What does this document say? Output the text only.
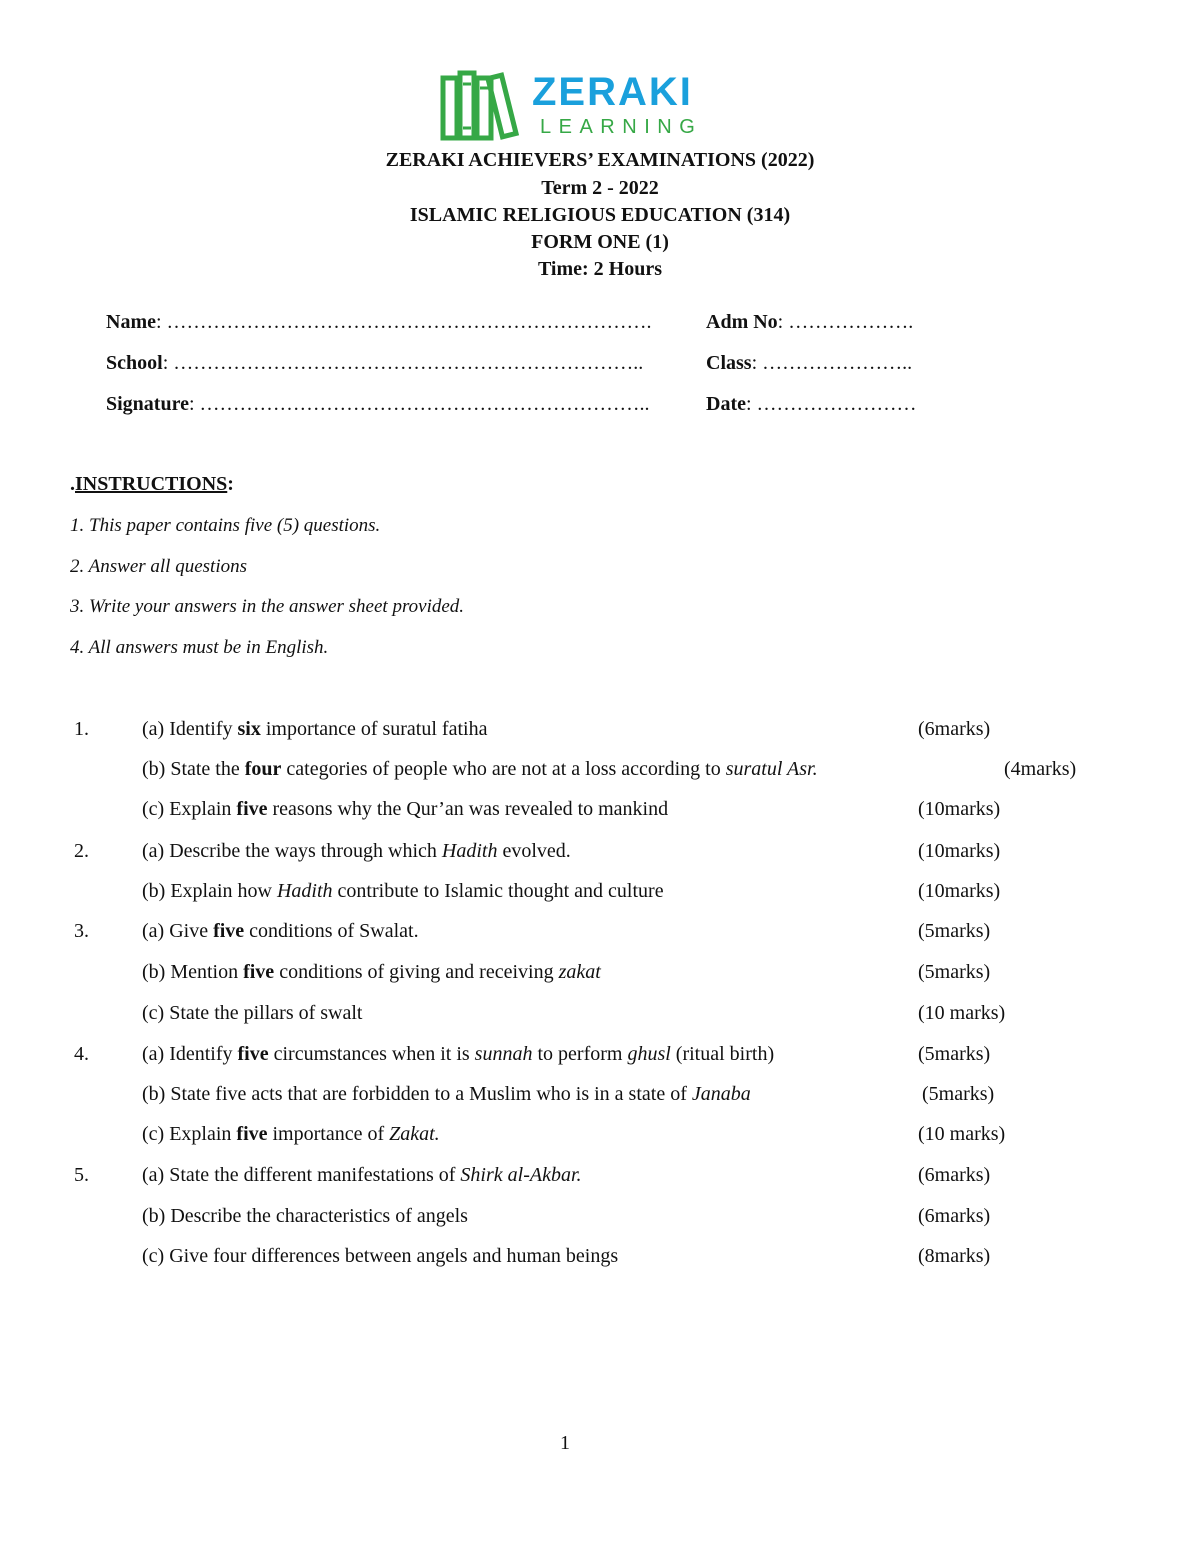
ZERAKI
LEARNING
ZERAKI ACHIEVERS’ EXAMINATIONS (2022)
Term 2 - 2022
ISLAMIC RELIGIOUS EDUCATION (314)
FORM ONE (1)
Time: 2 Hours
Name: ……………………………………………………………….	Adm No: ……………….
School: ……………………………………………………………..	Class: …………………..
Signature: …………………………………………………………..	Date: ……………………
.INSTRUCTIONS:
1. This paper contains five (5) questions.
2. Answer all questions
3. Write your answers in the answer sheet provided.
4. All answers must be in English.
1.	(a) Identify six importance of suratul fatiha	(6marks)
(b) State the four categories of people who are not at a loss according to suratul Asr.	(4marks)
(c) Explain five reasons why the Qur’an was revealed to mankind	(10marks)
2.	(a) Describe the ways through which Hadith evolved.	(10marks)
(b) Explain how Hadith contribute to Islamic thought and culture	(10marks)
3.	(a) Give five conditions of Swalat.	(5marks)
(b) Mention five conditions of giving and receiving zakat	(5marks)
(c) State the pillars of swalt	(10 marks)
4.	(a) Identify five circumstances when it is sunnah to perform ghusl (ritual birth)	(5marks)
(b) State five acts that are forbidden to a Muslim who is in a state of Janaba	(5marks)
(c) Explain five importance of Zakat.	(10 marks)
5.	(a) State the different manifestations of Shirk al-Akbar.	(6marks)
(b) Describe the characteristics of angels	(6marks)
(c) Give four differences between angels and human beings	(8marks)
1
